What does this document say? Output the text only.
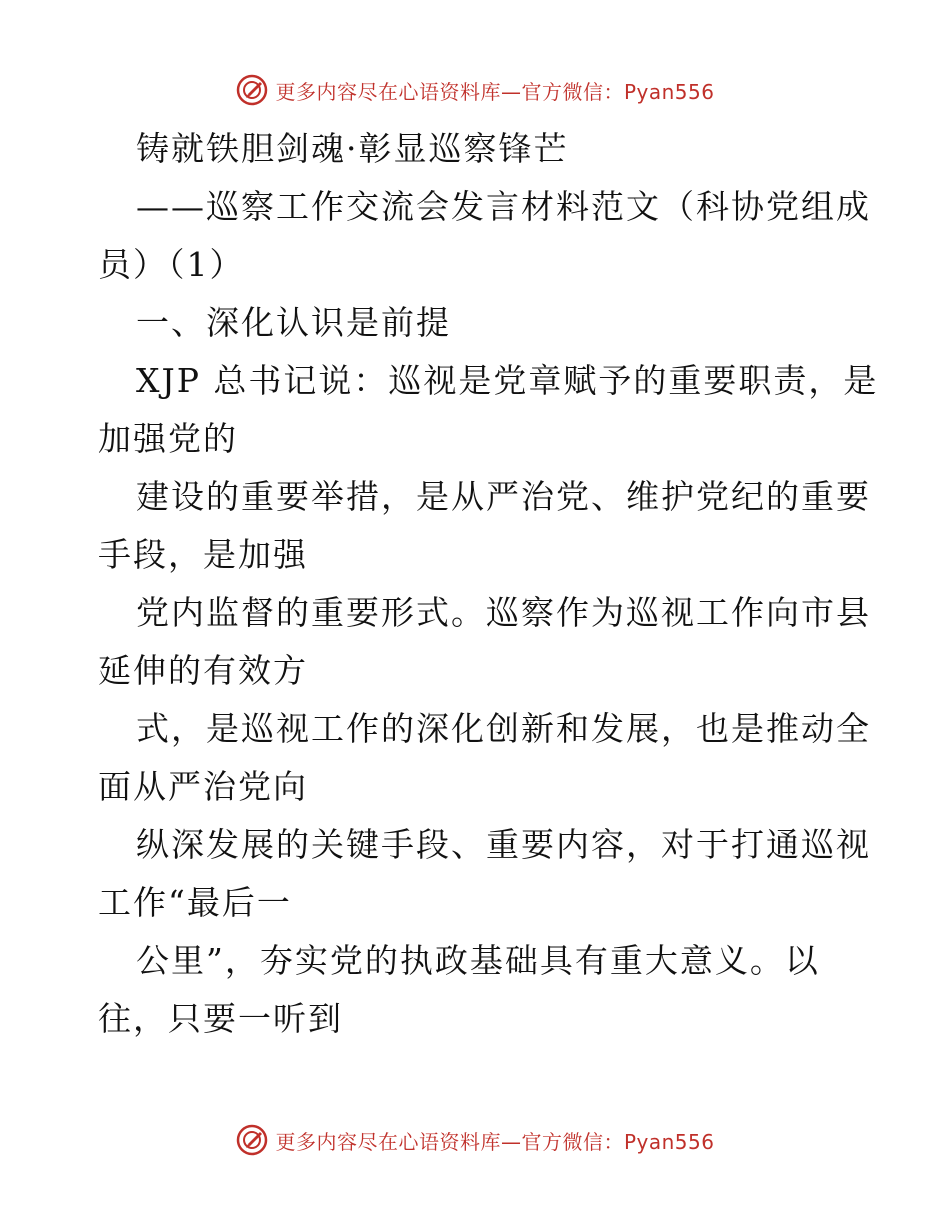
更多内容尽在心语资料库—官方微信：Pyan556
铸就铁胆剑魂·彰显巡察锋芒
——巡察工作交流会发言材料范文（科协党组成
员）（1）
一、深化认识是前提
XJP 总书记说：巡视是党章赋予的重要职责，是
加强党的
建设的重要举措，是从严治党、维护党纪的重要
手段，是加强
党内监督的重要形式。巡察作为巡视工作向市县
延伸的有效方
式，是巡视工作的深化创新和发展，也是推动全
面从严治党向
纵深发展的关键手段、重要内容，对于打通巡视
工作“最后一
公里”，夯实党的执政基础具有重大意义。以
往，只要一听到
更多内容尽在心语资料库—官方微信：Pyan556
